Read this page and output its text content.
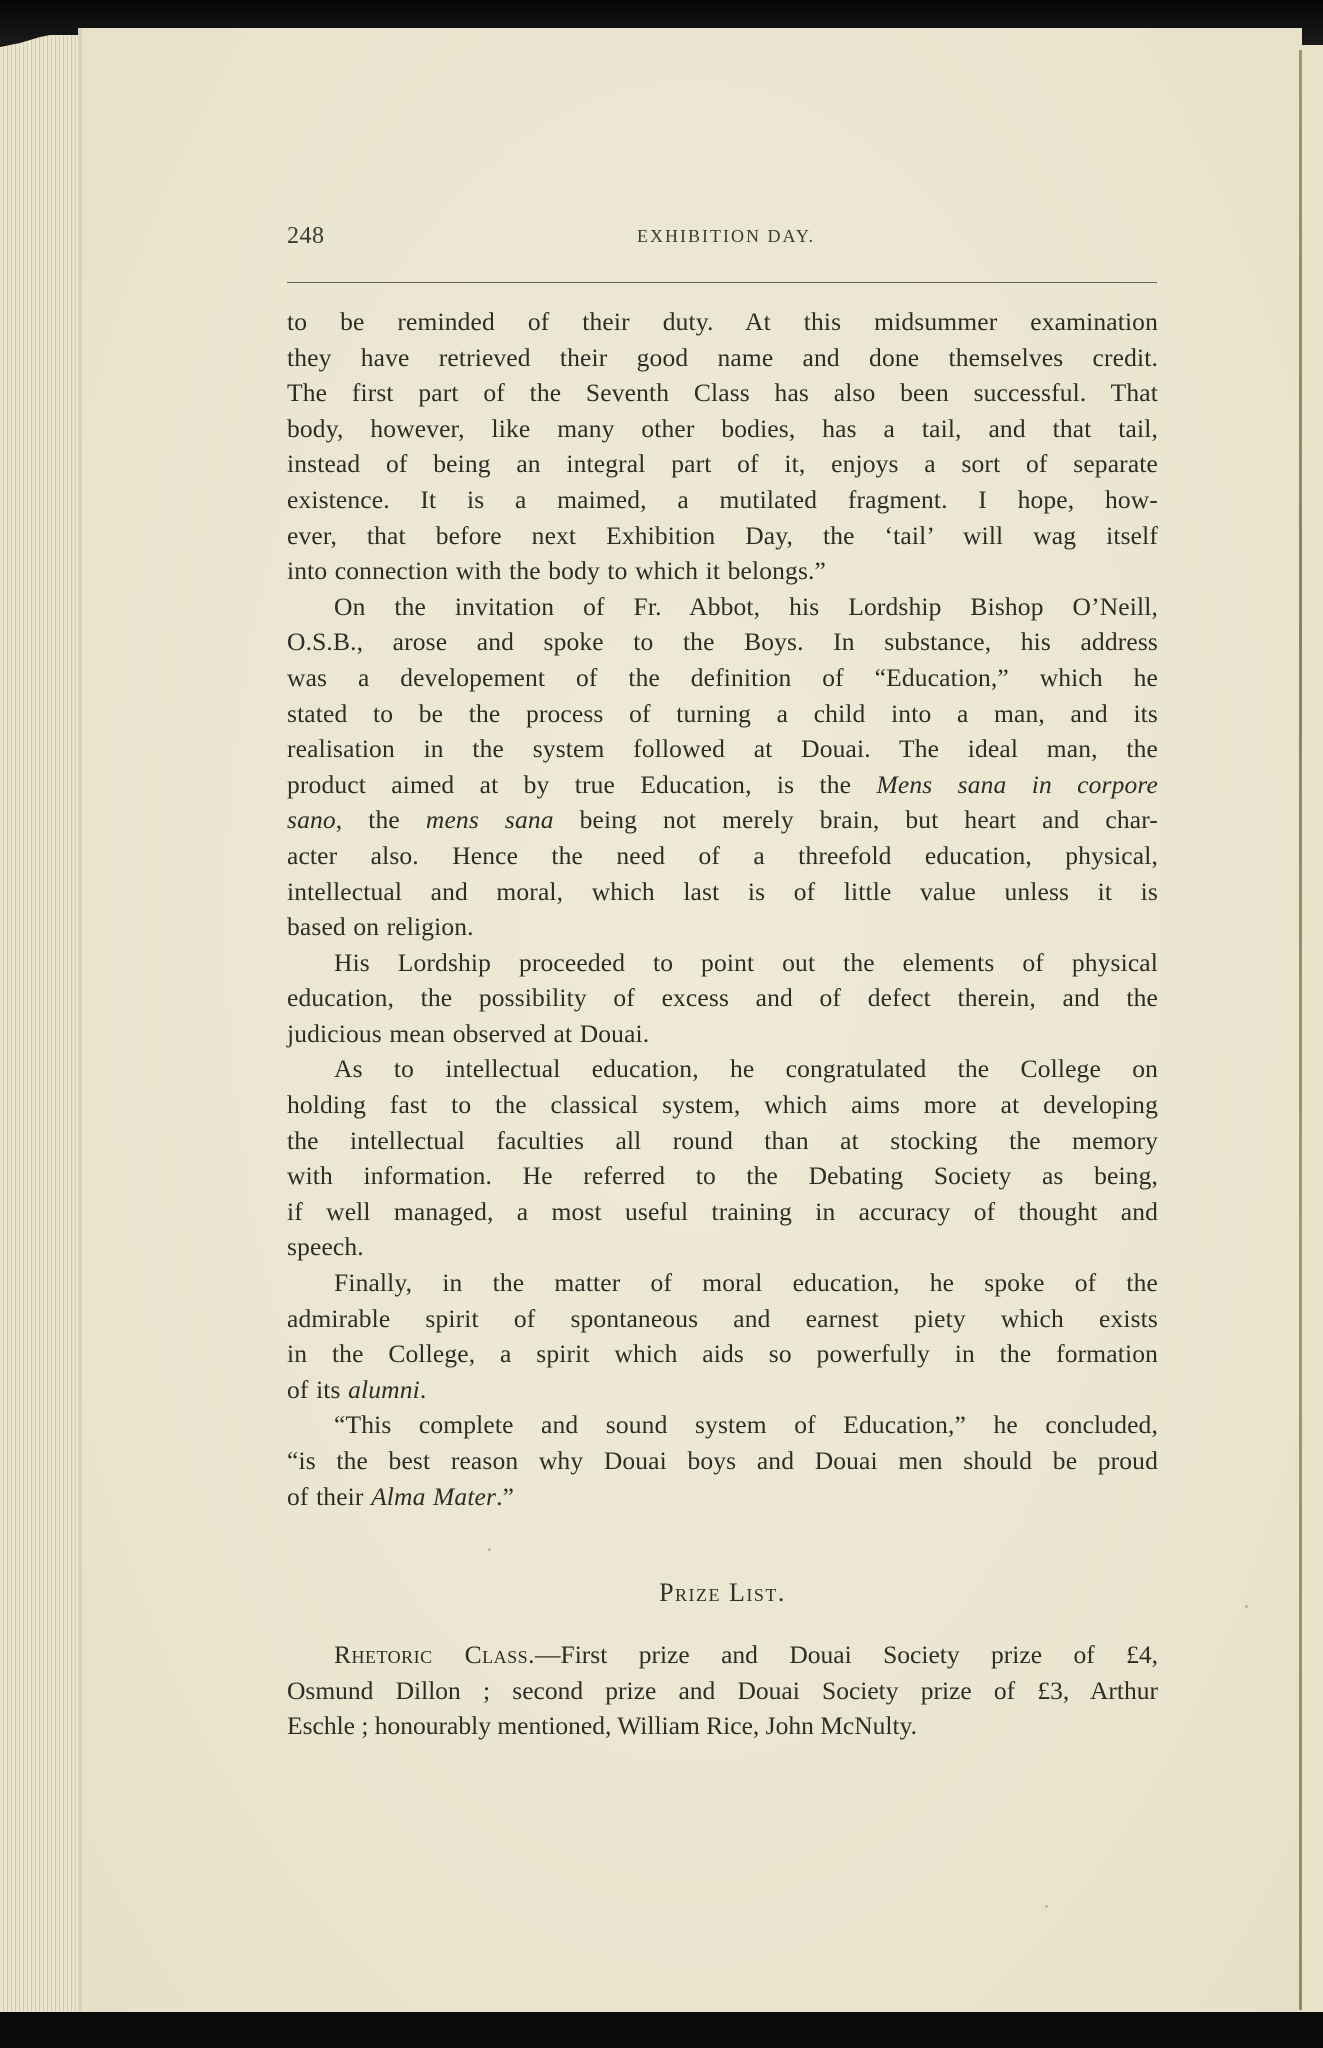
248	EXHIBITION DAY.
to be reminded of their duty. At this midsummer examination
they have retrieved their good name and done themselves credit.
The first part of the Seventh Class has also been successful. That
body, however, like many other bodies, has a tail, and that tail,
instead of being an integral part of it, enjoys a sort of separate
existence. It is a maimed, a mutilated fragment. I hope, how-
ever, that before next Exhibition Day, the ‘tail’ will wag itself
into connection with the body to which it belongs.”
On the invitation of Fr. Abbot, his Lordship Bishop O’Neill,
O.S.B., arose and spoke to the Boys. In substance, his address
was a developement of the definition of “Education,” which he
stated to be the process of turning a child into a man, and its
realisation in the system followed at Douai. The ideal man, the
product aimed at by true Education, is the Mens sana in corpore
sano, the mens sana being not merely brain, but heart and char-
acter also. Hence the need of a threefold education, physical,
intellectual and moral, which last is of little value unless it is
based on religion.
His Lordship proceeded to point out the elements of physical
education, the possibility of excess and of defect therein, and the
judicious mean observed at Douai.
As to intellectual education, he congratulated the College on
holding fast to the classical system, which aims more at developing
the intellectual faculties all round than at stocking the memory
with information. He referred to the Debating Society as being,
if well managed, a most useful training in accuracy of thought and
speech.
Finally, in the matter of moral education, he spoke of the
admirable spirit of spontaneous and earnest piety which exists
in the College, a spirit which aids so powerfully in the formation
of its alumni.
“This complete and sound system of Education,” he concluded,
“is the best reason why Douai boys and Douai men should be proud
of their Alma Mater.”
Prize List.
Rhetoric Class.—First prize and Douai Society prize of £4,
Osmund Dillon ; second prize and Douai Society prize of £3, Arthur
Eschle ; honourably mentioned, William Rice, John McNulty.
